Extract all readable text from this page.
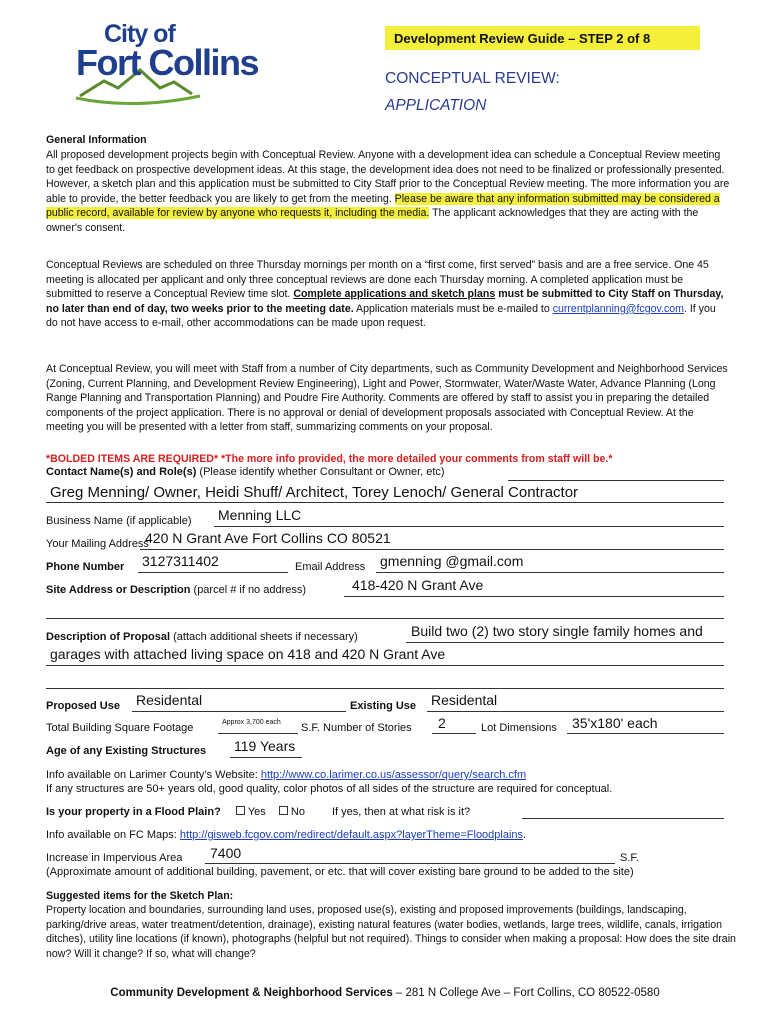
City of
Fort Collins
Development Review Guide – STEP 2 of 8
CONCEPTUAL REVIEW:
APPLICATION
General Information
All proposed development projects begin with Conceptual Review. Anyone with a development idea can schedule a Conceptual Review meeting to get feedback on prospective development ideas. At this stage, the development idea does not need to be finalized or professionally presented. However, a sketch plan and this application must be submitted to City Staff prior to the Conceptual Review meeting. The more information you are able to provide, the better feedback you are likely to get from the meeting. Please be aware that any information submitted may be considered a public record, available for review by anyone who requests it, including the media. The applicant acknowledges that they are acting with the owner's consent.
Conceptual Reviews are scheduled on three Thursday mornings per month on a “first come, first served” basis and are a free service. One 45 meeting is allocated per applicant and only three conceptual reviews are done each Thursday morning. A completed application must be submitted to reserve a Conceptual Review time slot. Complete applications and sketch plans must be submitted to City Staff on Thursday, no later than end of day, two weeks prior to the meeting date. Application materials must be e-mailed to currentplanning@fcgov.com. If you do not have access to e-mail, other accommodations can be made upon request.
At Conceptual Review, you will meet with Staff from a number of City departments, such as Community Development and Neighborhood Services (Zoning, Current Planning, and Development Review Engineering), Light and Power, Stormwater, Water/Waste Water, Advance Planning (Long Range Planning and Transportation Planning) and Poudre Fire Authority. Comments are offered by staff to assist you in preparing the detailed components of the project application. There is no approval or denial of development proposals associated with Conceptual Review. At the meeting you will be presented with a letter from staff, summarizing comments on your proposal.
*BOLDED ITEMS ARE REQUIRED* *The more info provided, the more detailed your comments from staff will be.*
Contact Name(s) and Role(s) (Please identify whether Consultant or Owner, etc)
Greg Menning/ Owner, Heidi Shuff/ Architect, Torey Lenoch/ General Contractor
Business Name (if applicable) Menning LLC
Your Mailing Address
420 N Grant Ave Fort Collins CO 80521
Phone Number 3127311402	Email Address gmenning @gmail.com
Site Address or Description (parcel # if no address)	418-420 N Grant Ave
Description of Proposal (attach additional sheets if necessary)	Build two (2) two story single family homes and
garages with attached living space on 418 and 420 N Grant Ave
Proposed Use Residental	Existing Use Residental
Total Building Square Footage	Approx 3,700 each S.F. Number of Stories 2	Lot Dimensions 35'x180' each
Age of any Existing Structures 119 Years
Info available on Larimer County’s Website: http://www.co.larimer.co.us/assessor/query/search.cfm
If any structures are 50+ years old, good quality, color photos of all sides of the structure are required for conceptual.
Is your property in a Flood Plain? Yes No If yes, then at what risk is it?
Info available on FC Maps: http://gisweb.fcgov.com/redirect/default.aspx?layerTheme=Floodplains.
Increase in Impervious Area 7400	S.F.
(Approximate amount of additional building, pavement, or etc. that will cover existing bare ground to be added to the site)
Suggested items for the Sketch Plan:
Property location and boundaries, surrounding land uses, proposed use(s), existing and proposed improvements (buildings, landscaping, parking/drive areas, water treatment/detention, drainage), existing natural features (water bodies, wetlands, large trees, wildlife, canals, irrigation ditches), utility line locations (if known), photographs (helpful but not required). Things to consider when making a proposal: How does the site drain now? Will it change? If so, what will change?
Community Development & Neighborhood Services – 281 N College Ave – Fort Collins, CO 80522-0580
